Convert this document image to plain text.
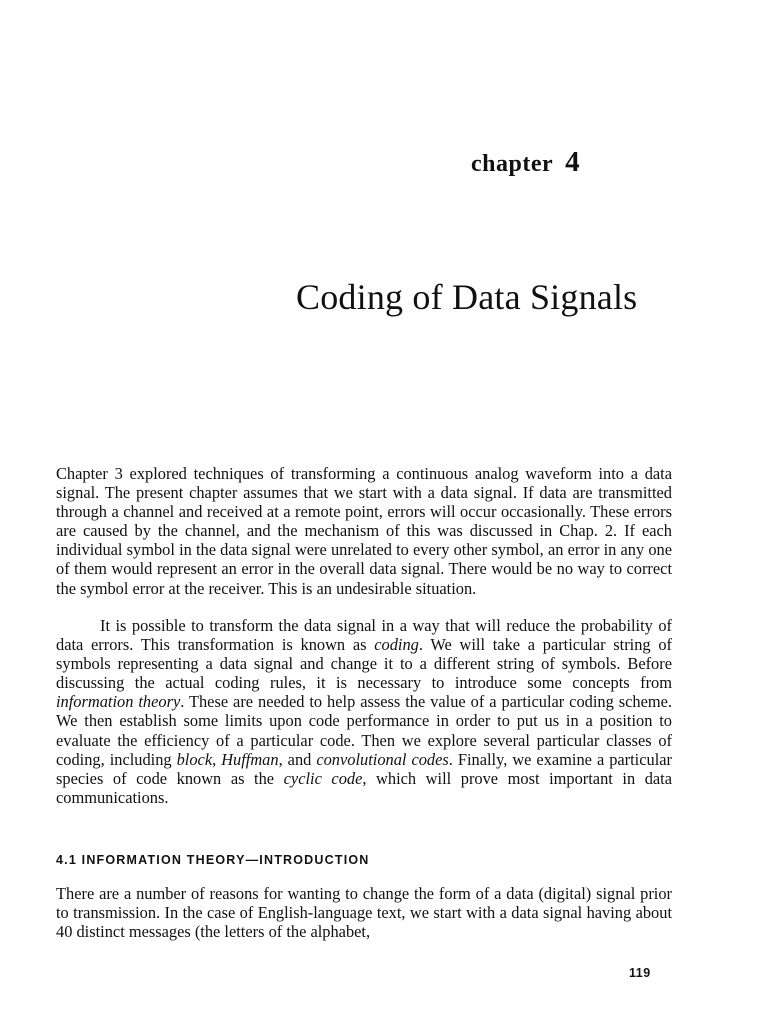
chapter 4
Coding of Data Signals

Chapter 3 explored techniques of transforming a continuous analog waveform into a data signal. The present chapter assumes that we start with a data signal. If data are transmitted through a channel and received at a remote point, errors will occur occasionally. These errors are caused by the channel, and the mechanism of this was discussed in Chap. 2. If each individual symbol in the data signal were unrelated to every other symbol, an error in any one of them would represent an error in the overall data signal. There would be no way to correct the symbol error at the receiver. This is an undesirable situation.

It is possible to transform the data signal in a way that will reduce the probability of data errors. This transformation is known as coding. We will take a particular string of symbols representing a data signal and change it to a different string of symbols. Before discussing the actual coding rules, it is necessary to introduce some concepts from information theory. These are needed to help assess the value of a particular coding scheme. We then establish some limits upon code performance in order to put us in a position to evaluate the efficiency of a particular code. Then we explore several particular classes of coding, including block, Huffman, and convolutional codes. Finally, we examine a particular species of code known as the cyclic code, which will prove most important in data communications.

4.1 INFORMATION THEORY—INTRODUCTION

There are a number of reasons for wanting to change the form of a data (digital) signal prior to transmission. In the case of English-language text, we start with a data signal having about 40 distinct messages (the letters of the alphabet,

119
